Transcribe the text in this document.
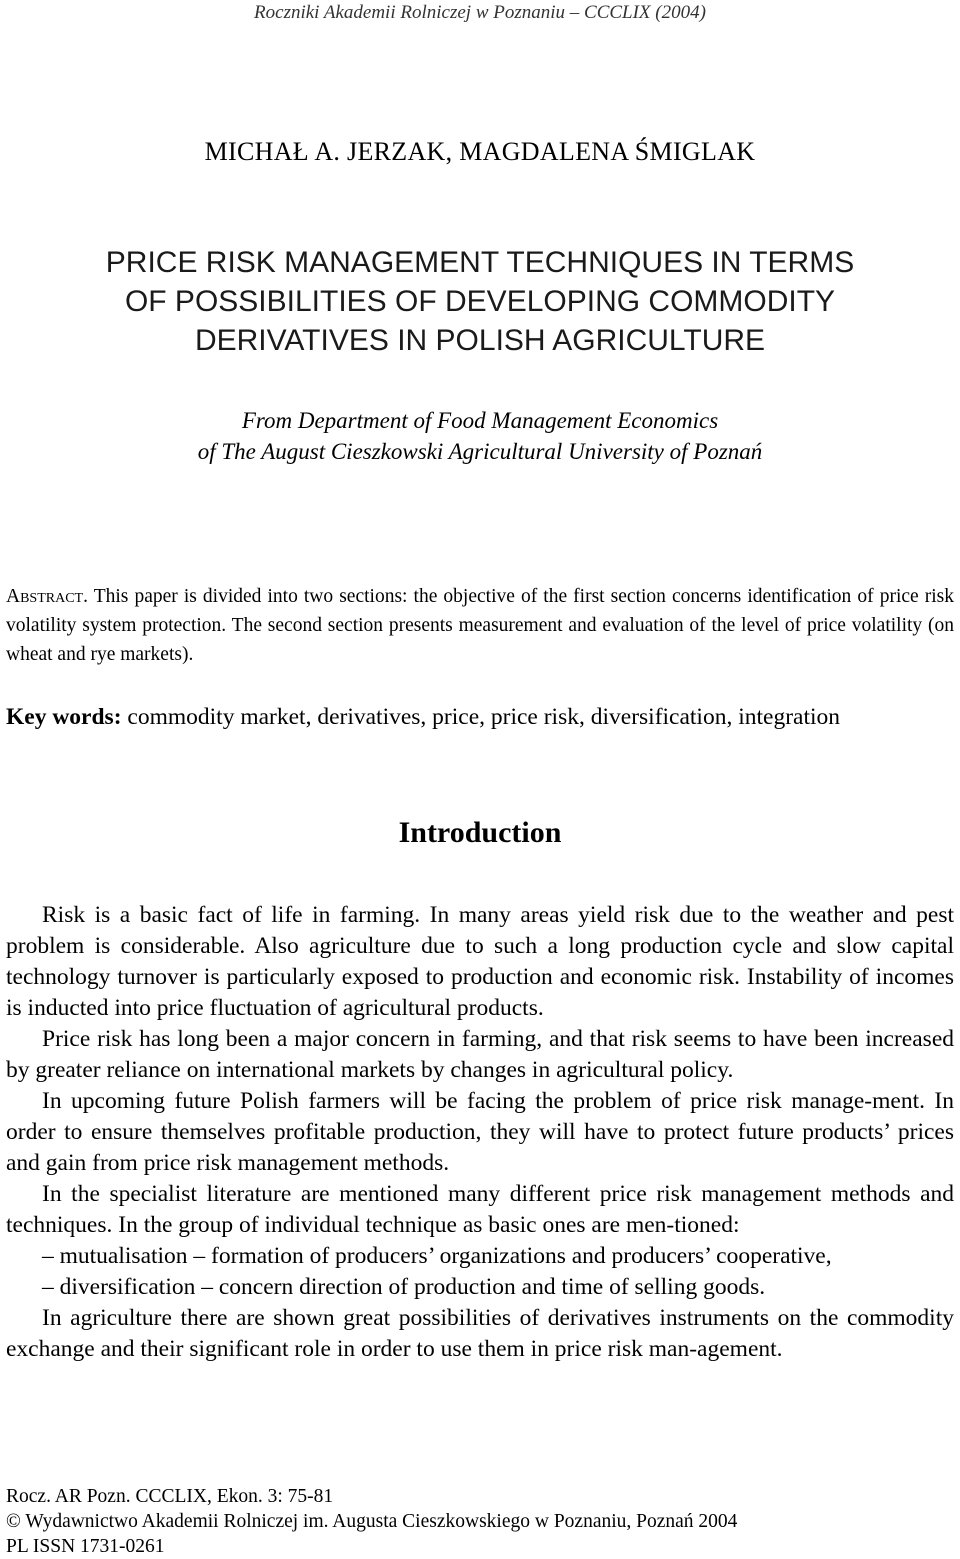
Roczniki Akademii Rolniczej w Poznaniu – CCCLIX (2004)
MICHAŁ A. JERZAK, MAGDALENA ŚMIGLAK
PRICE RISK MANAGEMENT TECHNIQUES IN TERMS
OF POSSIBILITIES OF DEVELOPING COMMODITY
DERIVATIVES IN POLISH AGRICULTURE
From Department of Food Management Economics
of The August Cieszkowski Agricultural University of Poznań
Abstract. This paper is divided into two sections: the objective of the first section concerns identification of price risk volatility system protection. The second section presents measurement and evaluation of the level of price volatility (on wheat and rye markets).
Key words: commodity market, derivatives, price, price risk, diversification, integration
Introduction

Risk is a basic fact of life in farming. In many areas yield risk due to the weather and pest problem is considerable. Also agriculture due to such a long production cycle and slow capital technology turnover is particularly exposed to production and economic risk. Instability of incomes is inducted into price fluctuation of agricultural products.

Price risk has long been a major concern in farming, and that risk seems to have been increased by greater reliance on international markets by changes in agricultural policy.

In upcoming future Polish farmers will be facing the problem of price risk manage-ment. In order to ensure themselves profitable production, they will have to protect future products’ prices and gain from price risk management methods.

In the specialist literature are mentioned many different price risk management methods and techniques. In the group of individual technique as basic ones are men-tioned:

– mutualisation – formation of producers’ organizations and producers’ cooperative,

– diversification – concern direction of production and time of selling goods.

In agriculture there are shown great possibilities of derivatives instruments on the commodity exchange and their significant role in order to use them in price risk man-agement.

Rocz. AR Pozn. CCCLIX, Ekon. 3: 75-81
© Wydawnictwo Akademii Rolniczej im. Augusta Cieszkowskiego w Poznaniu, Poznań 2004
PL ISSN 1731-0261
